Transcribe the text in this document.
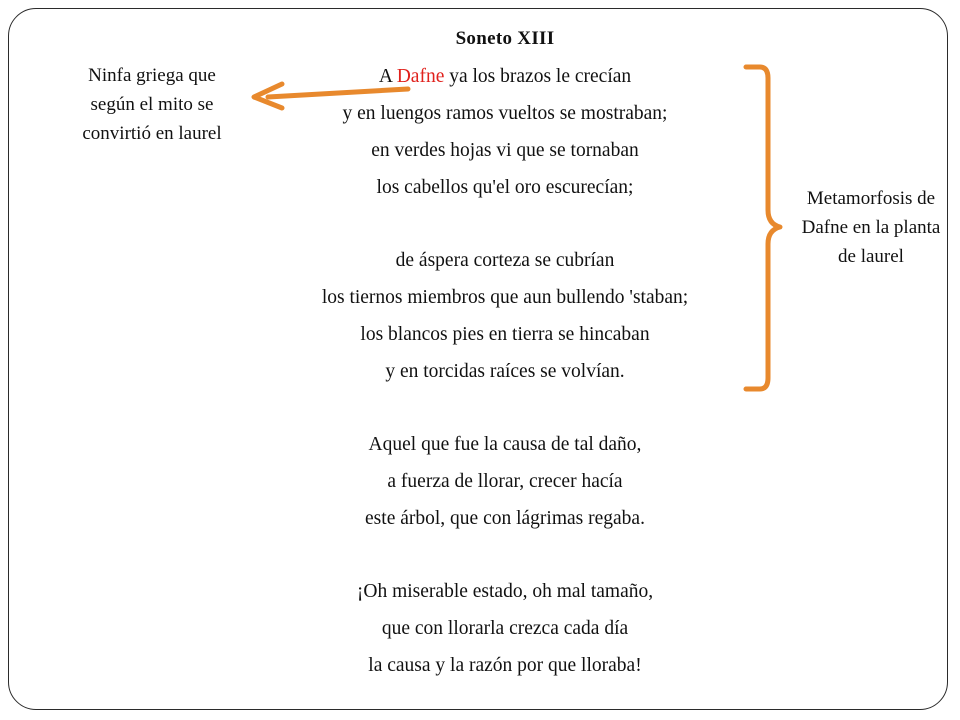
Soneto XIII
A Dafne ya los brazos le crecían
y en luengos ramos vueltos se mostraban;
en verdes hojas vi que se tornaban
los cabellos qu'el oro escurecían;
de áspera corteza se cubrían
los tiernos miembros que aun bullendo 'staban;
los blancos pies en tierra se hincaban
y en torcidas raíces se volvían.
Aquel que fue la causa de tal daño,
a fuerza de llorar, crecer hacía
este árbol, que con lágrimas regaba.
¡Oh miserable estado, oh mal tamaño,
que con llorarla crezca cada día
la causa y la razón por que lloraba!

Ninfa griega que
según el mito se
convirtió en laurel

Metamorfosis de
Dafne en la planta
de laurel
